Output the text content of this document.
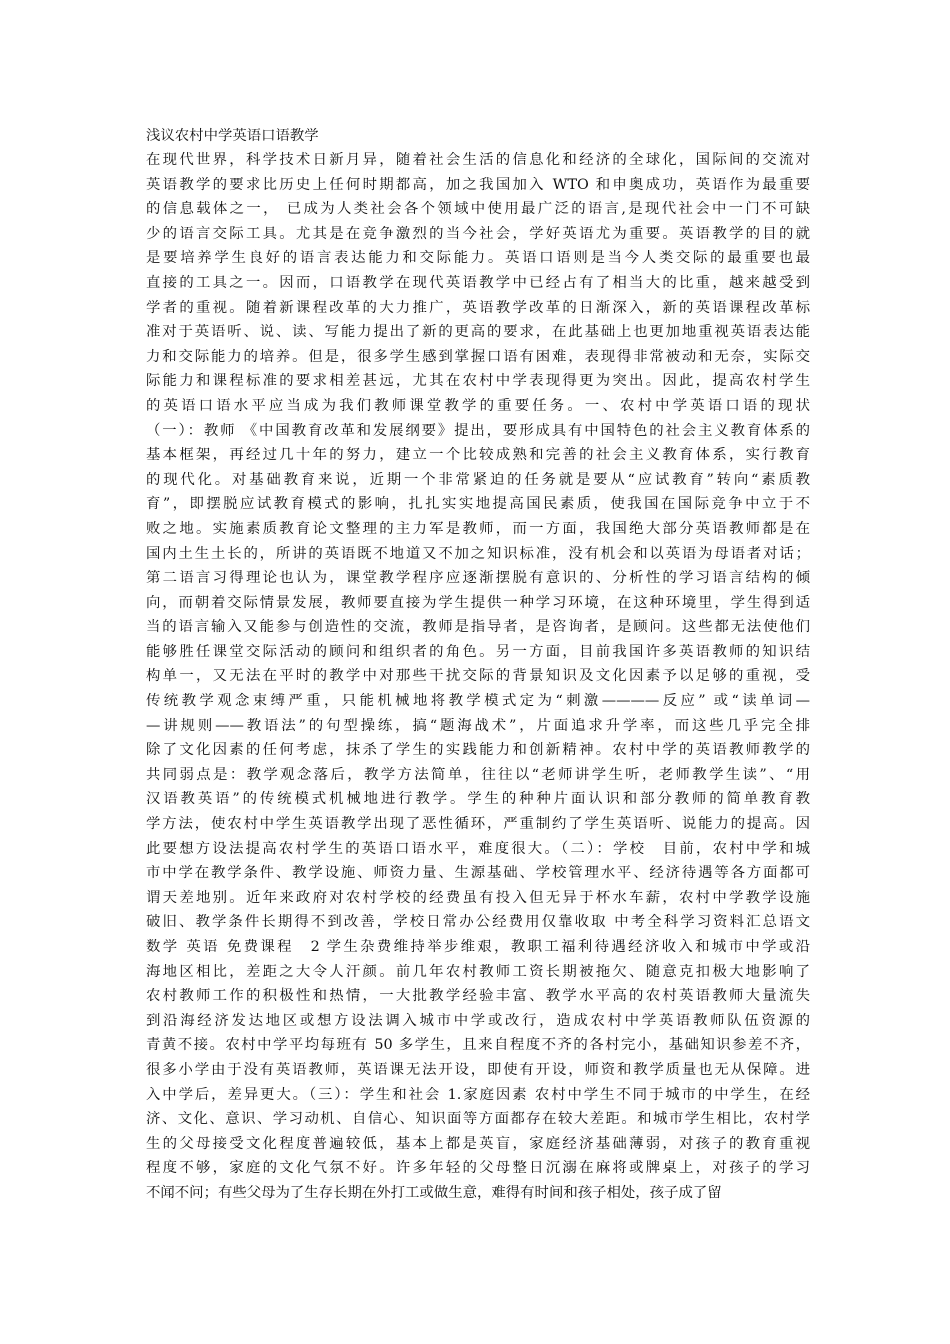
浅议农村中学英语口语教学
在现代世界，科学技术日新月异，随着社会生活的信息化和经济的全球化，国际间的交流对
英语教学的要求比历史上任何时期都高，加之我国加入 WTO 和申奥成功，英语作为最重要
的信息载体之一， 已成为人类社会各个领域中使用最广泛的语言,是现代社会中一门不可缺
少的语言交际工具。尤其是在竞争激烈的当今社会，学好英语尤为重要。英语教学的目的就
是要培养学生良好的语言表达能力和交际能力。英语口语则是当今人类交际的最重要也最
直接的工具之一。因而，口语教学在现代英语教学中已经占有了相当大的比重，越来越受到
学者的重视。随着新课程改革的大力推广，英语教学改革的日渐深入，新的英语课程改革标
准对于英语听、说、读、写能力提出了新的更高的要求，在此基础上也更加地重视英语表达能
力和交际能力的培养。但是，很多学生感到掌握口语有困难，表现得非常被动和无奈，实际交
际能力和课程标准的要求相差甚远，尤其在农村中学表现得更为突出。因此，提高农村学生
的英语口语水平应当成为我们教师课堂教学的重要任务。一、农村中学英语口语的现状
（一）：教师 《中国教育改革和发展纲要》提出，要形成具有中国特色的社会主义教育体系的
基本框架，再经过几十年的努力，建立一个比较成熟和完善的社会主义教育体系，实行教育
的现代化。对基础教育来说，近期一个非常紧迫的任务就是要从“应试教育”转向“素质教
育”，即摆脱应试教育模式的影响，扎扎实实地提高国民素质，使我国在国际竞争中立于不
败之地。实施素质教育论文整理的主力军是教师，而一方面，我国绝大部分英语教师都是在
国内土生土长的，所讲的英语既不地道又不加之知识标准，没有机会和以英语为母语者对话；
第二语言习得理论也认为，课堂教学程序应逐渐摆脱有意识的、分析性的学习语言结构的倾
向，而朝着交际情景发展，教师要直接为学生提供一种学习环境，在这种环境里，学生得到适
当的语言输入又能参与创造性的交流，教师是指导者，是咨询者，是顾问。这些都无法使他们
能够胜任课堂交际活动的顾问和组织者的角色。另一方面，目前我国许多英语教师的知识结
构单一，又无法在平时的教学中对那些干扰交际的背景知识及文化因素予以足够的重视，受
传统教学观念束缚严重，只能机械地将教学模式定为“刺激————反应” 或“读单词—
—讲规则——教语法”的句型操练，搞“题海战术”，片面追求升学率，而这些几乎完全排
除了文化因素的任何考虑，抹杀了学生的实践能力和创新精神。农村中学的英语教师教学的
共同弱点是：教学观念落后，教学方法简单，往往以“老师讲学生听，老师教学生读”、“用
汉语教英语”的传统模式机械地进行教学。学生的种种片面认识和部分教师的简单教育教
学方法，使农村中学生英语教学出现了恶性循环，严重制约了学生英语听、说能力的提高。因
此要想方设法提高农村学生的英语口语水平，难度很大。（二）：学校　目前，农村中学和城
市中学在教学条件、教学设施、师资力量、生源基础、学校管理水平、经济待遇等各方面都可
谓天差地别。近年来政府对农村学校的经费虽有投入但无异于杯水车薪，农村中学教学设施
破旧、教学条件长期得不到改善，学校日常办公经费用仅靠收取 中考全科学习资料汇总语文
数学 英语 免费课程　2 学生杂费维持举步维艰，教职工福利待遇经济收入和城市中学或沿
海地区相比，差距之大令人汗颜。前几年农村教师工资长期被拖欠、随意克扣极大地影响了
农村教师工作的积极性和热情，一大批教学经验丰富、教学水平高的农村英语教师大量流失
到沿海经济发达地区或想方设法调入城市中学或改行，造成农村中学英语教师队伍资源的
青黄不接。农村中学平均每班有 50 多学生，且来自程度不齐的各村完小，基础知识参差不齐，
很多小学由于没有英语教师，英语课无法开设，即使有开设，师资和教学质量也无从保障。进
入中学后，差异更大。（三）：学生和社会 1.家庭因素 农村中学生不同于城市的中学生，在经
济、文化、意识、学习动机、自信心、知识面等方面都存在较大差距。和城市学生相比，农村学
生的父母接受文化程度普遍较低，基本上都是英盲，家庭经济基础薄弱，对孩子的教育重视
程度不够，家庭的文化气氛不好。许多年轻的父母整日沉溺在麻将或牌桌上，对孩子的学习
不闻不问；有些父母为了生存长期在外打工或做生意，难得有时间和孩子相处，孩子成了留
